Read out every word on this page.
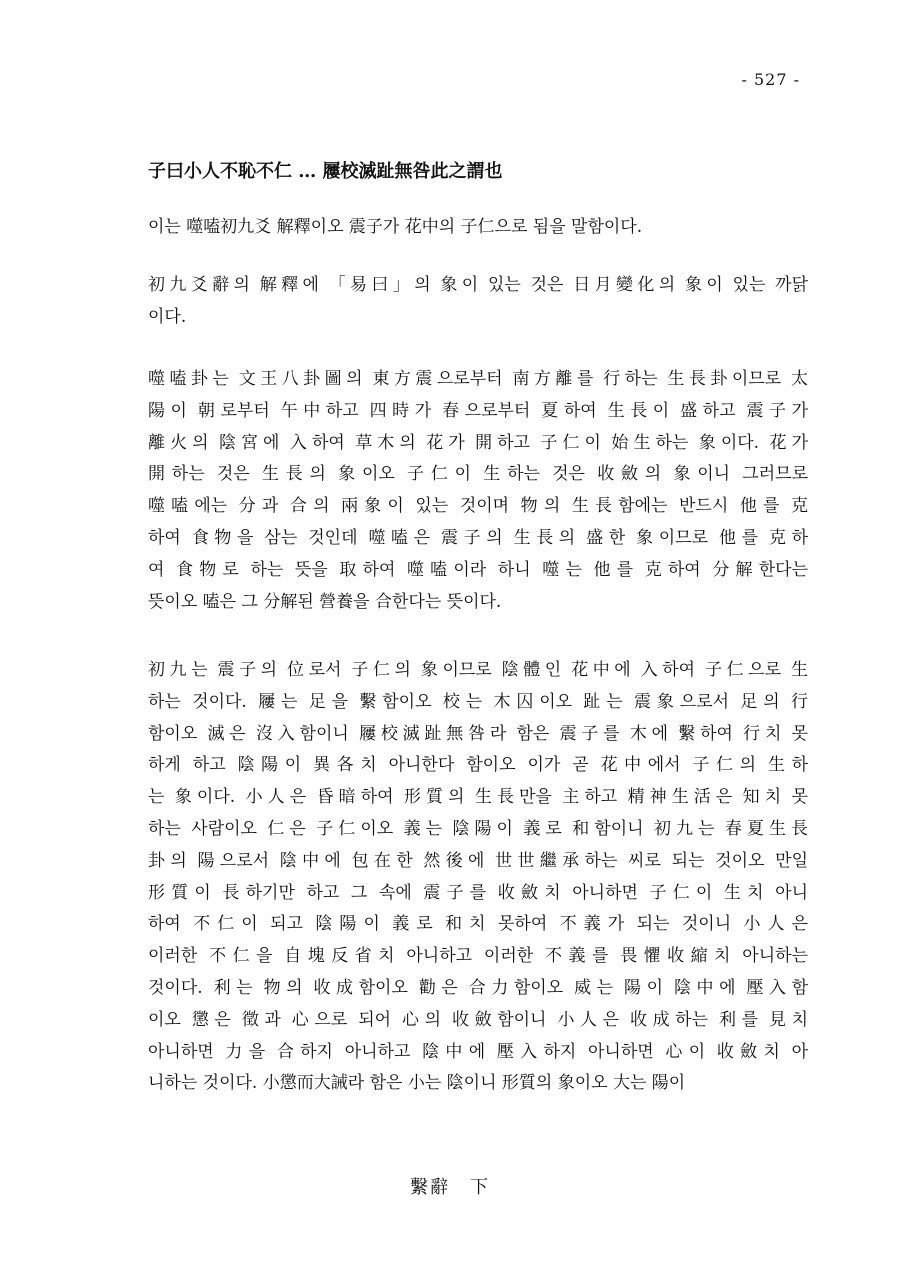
- 527 -
子曰小人不恥不仁 … 屨校滅趾無咎此之謂也
이는 噬嗑初九爻 解釋이오 震子가 花中의 子仁으로 됨을 말함이다.
初九爻辭의 解釋에 「易曰」의 象이 있는 것은 日月變化의 象이 있는 까닭
이다.
噬嗑卦는 文王八卦圖의 東方震으로부터 南方離를 行하는 生長卦이므로 太
陽이 朝로부터 午中하고 四時가 春으로부터 夏하여 生長이 盛하고 震子가
離火의 陰宮에 入하여 草木의 花가 開하고 子仁이 始生하는 象이다. 花가
開하는 것은 生長의 象이오 子仁이 生하는 것은 收斂의 象이니 그러므로
噬嗑에는 分과 合의 兩象이 있는 것이며 物의 生長함에는 반드시 他를 克
하여 食物을 삼는 것인데 噬嗑은 震子의 生長의 盛한 象이므로 他를 克하
여 食物로 하는 뜻을 取하여 噬嗑이라 하니 噬는 他를 克하여 分解한다는
뜻이오 嗑은 그 分解된 營養을 合한다는 뜻이다.
初九는 震子의 位로서 子仁의 象이므로 陰體인 花中에 入하여 子仁으로 生
하는 것이다. 屨는 足을 繫함이오 校는 木囚이오 趾는 震象으로서 足의 行
함이오 滅은 沒入함이니 屨校滅趾無咎라 함은 震子를 木에 繫하여 行치 못
하게 하고 陰陽이 異各치 아니한다 함이오 이가 곧 花中에서 子仁의 生하
는 象이다. 小人은 昏暗하여 形質의 生長만을 主하고 精神生活은 知치 못
하는 사람이오 仁은 子仁이오 義는 陰陽이 義로 和함이니 初九는 春夏生長
卦의 陽으로서 陰中에 包在한 然後에 世世繼承하는 씨로 되는 것이오 만일
形質이 長하기만 하고 그 속에 震子를 收斂치 아니하면 子仁이 生치 아니
하여 不仁이 되고 陰陽이 義로 和치 못하여 不義가 되는 것이니 小人은
이러한 不仁을 自塊反省치 아니하고 이러한 不義를 畏懼收縮치 아니하는
것이다. 利는 物의 收成함이오 勸은 合力함이오 威는 陽이 陰中에 壓入함
이오 懲은 徵과 心으로 되어 心의 收斂함이니 小人은 收成하는 利를 見치
아니하면 力을 合하지 아니하고 陰中에 壓入하지 아니하면 心이 收斂치 아
니하는 것이다. 小懲而大誡라 함은 小는 陰이니 形質의 象이오 大는 陽이
繫辭　下
